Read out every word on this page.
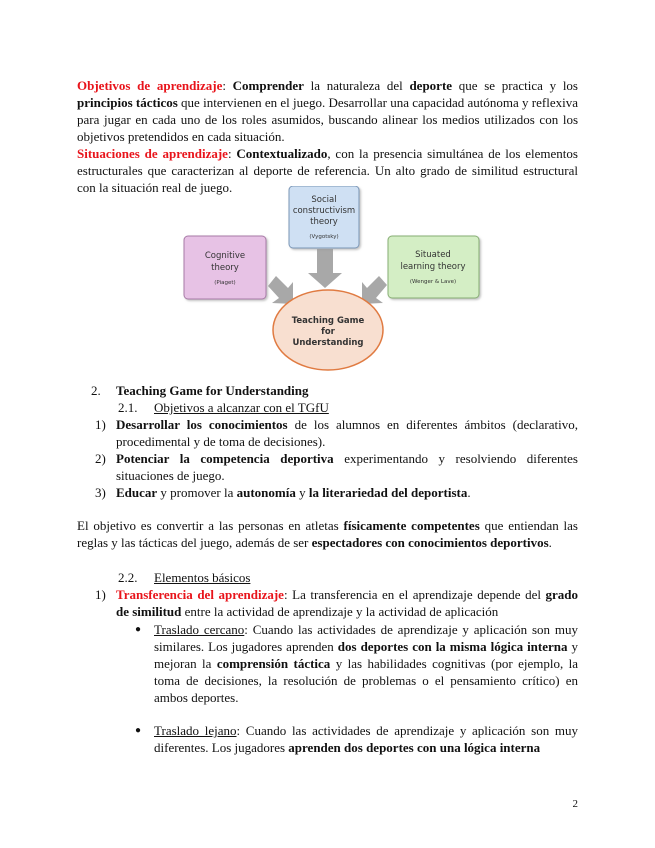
Objetivos de aprendizaje: Comprender la naturaleza del deporte que se practica y los principios tácticos que intervienen en el juego. Desarrollar una capacidad autónoma y reflexiva para jugar en cada uno de los roles asumidos, buscando alinear los medios utilizados con los objetivos pretendidos en cada situación.

Situaciones de aprendizaje: Contextualizado, con la presencia simultánea de los elementos estructurales que caracterizan al deporte de referencia. Un alto grado de similitud estructural con la situación real de juego.

Social
constructivism
theory
(Vygotsky)
Cognitive
theory
(Piaget)
Situated
learning theory
(Wenger & Lave)
Teaching Game
for
Understanding
2. Teaching Game for Understanding
2.1. Objetivos a alcanzar con el TGfU
1) Desarrollar los conocimientos de los alumnos en diferentes ámbitos (declarativo, procedimental y de toma de decisiones).

2) Potenciar la competencia deportiva experimentando y resolviendo diferentes situaciones de juego.

3) Educar y promover la autonomía y la literariedad del deportista.

El objetivo es convertir a las personas en atletas físicamente competentes que entiendan las reglas y las tácticas del juego, además de ser espectadores con conocimientos deportivos.

2.2. Elementos básicos
1) Transferencia del aprendizaje: La transferencia en el aprendizaje depende del grado de similitud entre la actividad de aprendizaje y la actividad de aplicación

● Traslado cercano: Cuando las actividades de aprendizaje y aplicación son muy similares. Los jugadores aprenden dos deportes con la misma lógica interna y mejoran la comprensión táctica y las habilidades cognitivas (por ejemplo, la toma de decisiones, la resolución de problemas o el pensamiento crítico) en ambos deportes.

● Traslado lejano: Cuando las actividades de aprendizaje y aplicación son muy diferentes. Los jugadores aprenden dos deportes con una lógica interna

2
